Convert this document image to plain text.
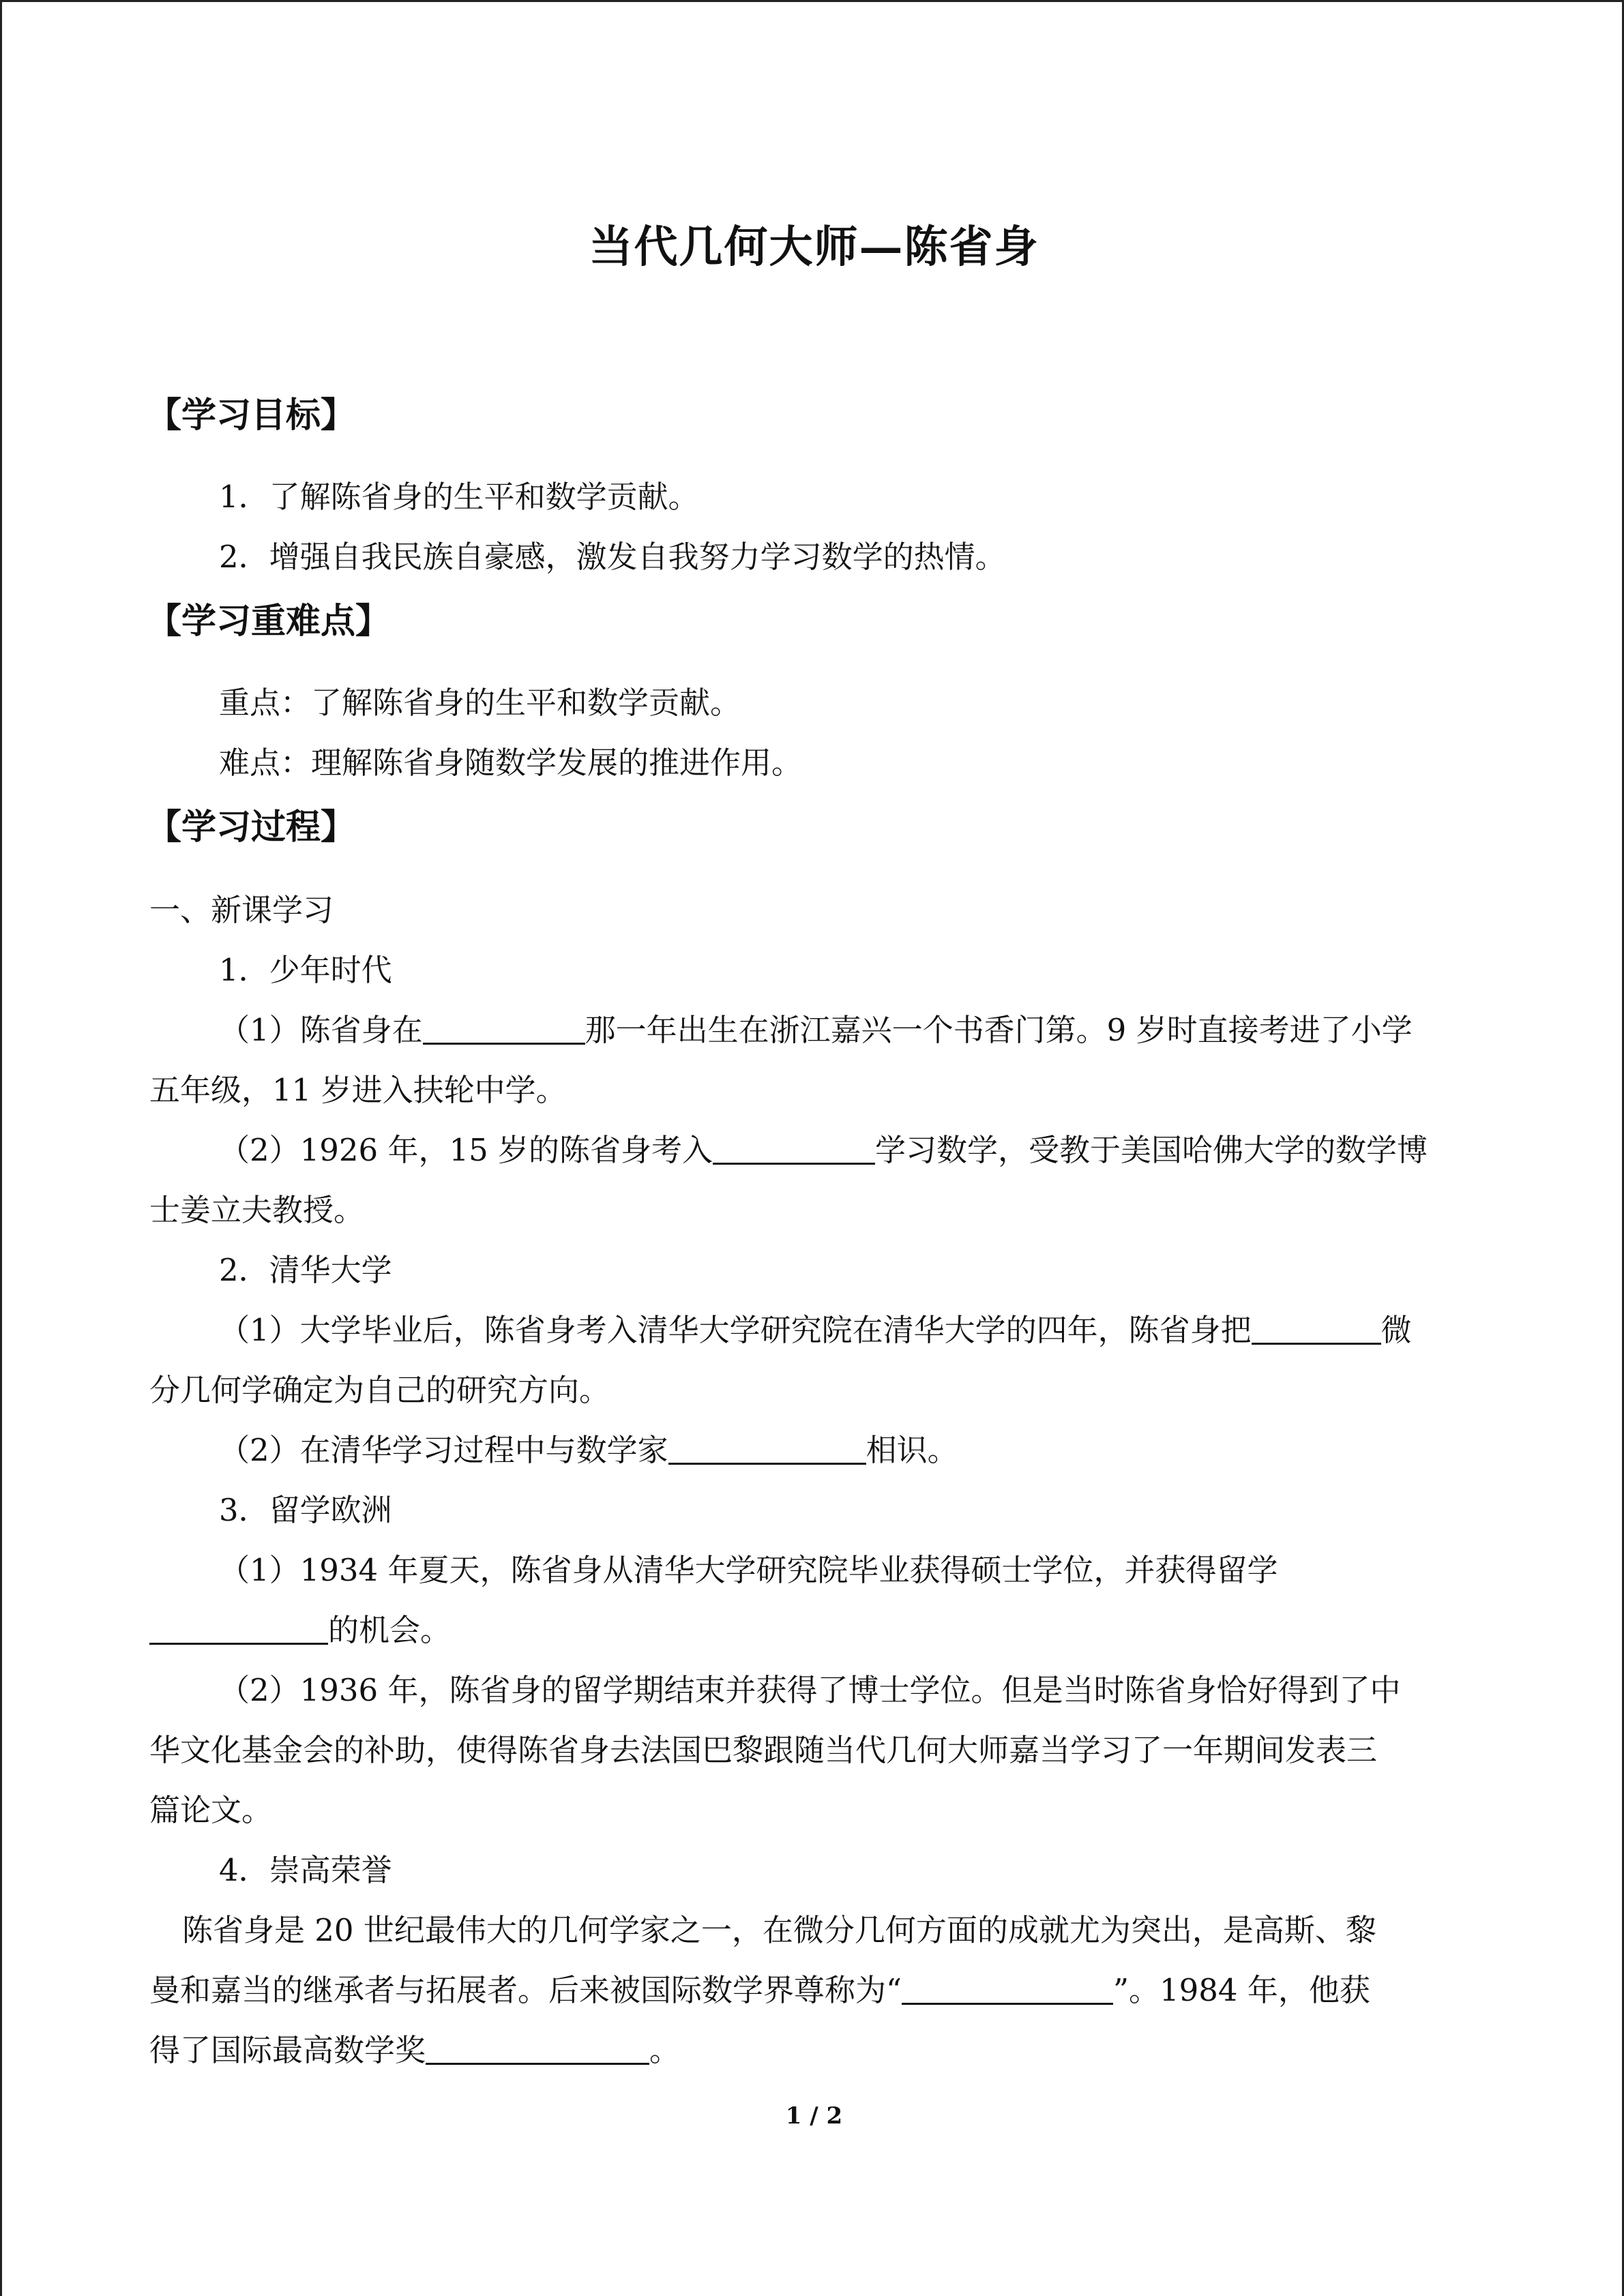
当代几何大师—陈省身
【学习目标】
1．了解陈省身的生平和数学贡献。
2．增强自我民族自豪感，激发自我努力学习数学的热情。
【学习重难点】
重点：了解陈省身的生平和数学贡献。
难点：理解陈省身随数学发展的推进作用。
【学习过程】
一、新课学习
1．少年时代
（1）陈省身在	那一年出生在浙江嘉兴一个书香门第。9 岁时直接考进了小学
五年级，11 岁进入扶轮中学。
（2）1926 年，15 岁的陈省身考入	学习数学，受教于美国哈佛大学的数学博
士姜立夫教授。
2．清华大学
（1）大学毕业后，陈省身考入清华大学研究院在清华大学的四年，陈省身把	微
分几何学确定为自己的研究方向。
（2）在清华学习过程中与数学家	相识。
3．留学欧洲
（1）1934 年夏天，陈省身从清华大学研究院毕业获得硕士学位，并获得留学
的机会。
（2）1936 年，陈省身的留学期结束并获得了博士学位。但是当时陈省身恰好得到了中
华文化基金会的补助，使得陈省身去法国巴黎跟随当代几何大师嘉当学习了一年期间发表三
篇论文。
4．崇高荣誉
陈省身是 20 世纪最伟大的几何学家之一，在微分几何方面的成就尤为突出，是高斯、黎
曼和嘉当的继承者与拓展者。后来被国际数学界尊称为“	”。1984 年，他获
得了国际最高数学奖	。
1 / 2
